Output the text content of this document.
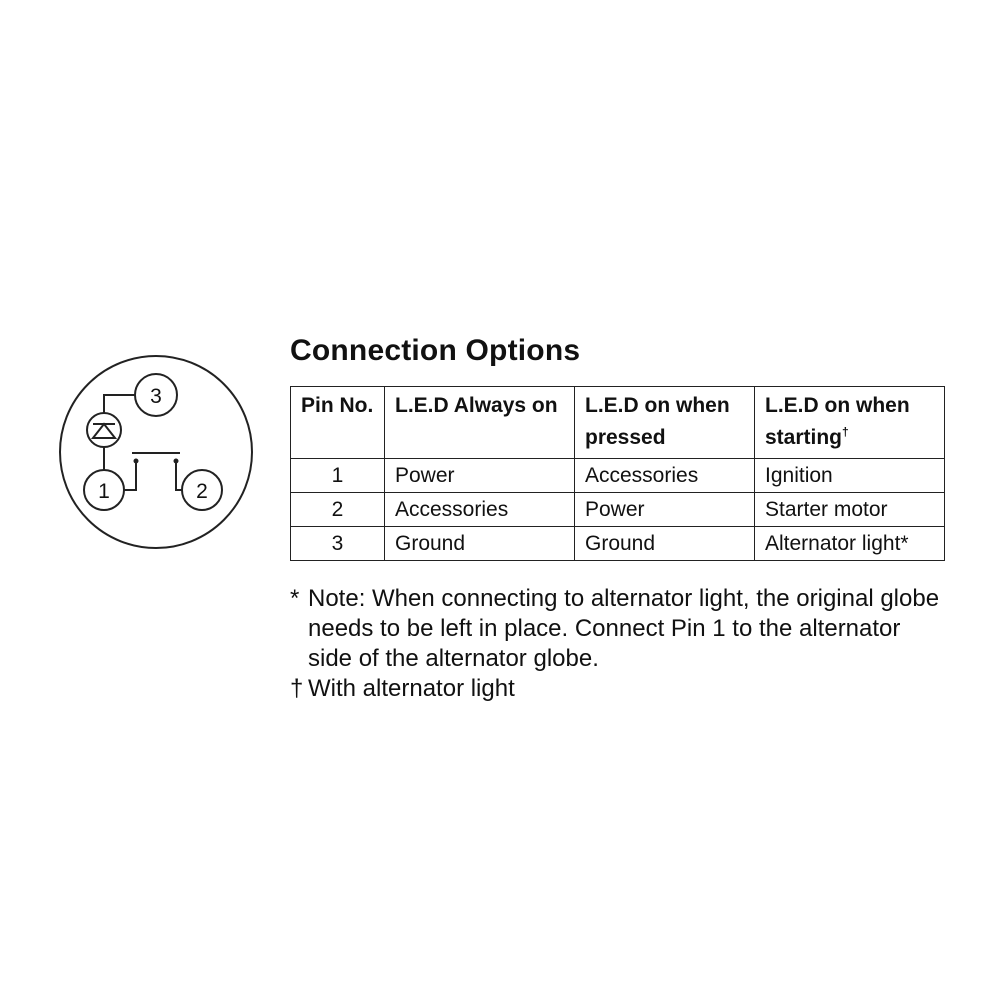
3
1	2
Connection Options
Pin No.	L.E.D Always on	L.E.D on when pressed	L.E.D on when starting†
1	Power	Accessories	Ignition
2	Accessories	Power	Starter motor
3	Ground	Ground	Alternator light*

* Note: When connecting to alternator light, the original globe needs to be left in place. Connect Pin 1 to the alternator side of the alternator globe.

† With alternator light
